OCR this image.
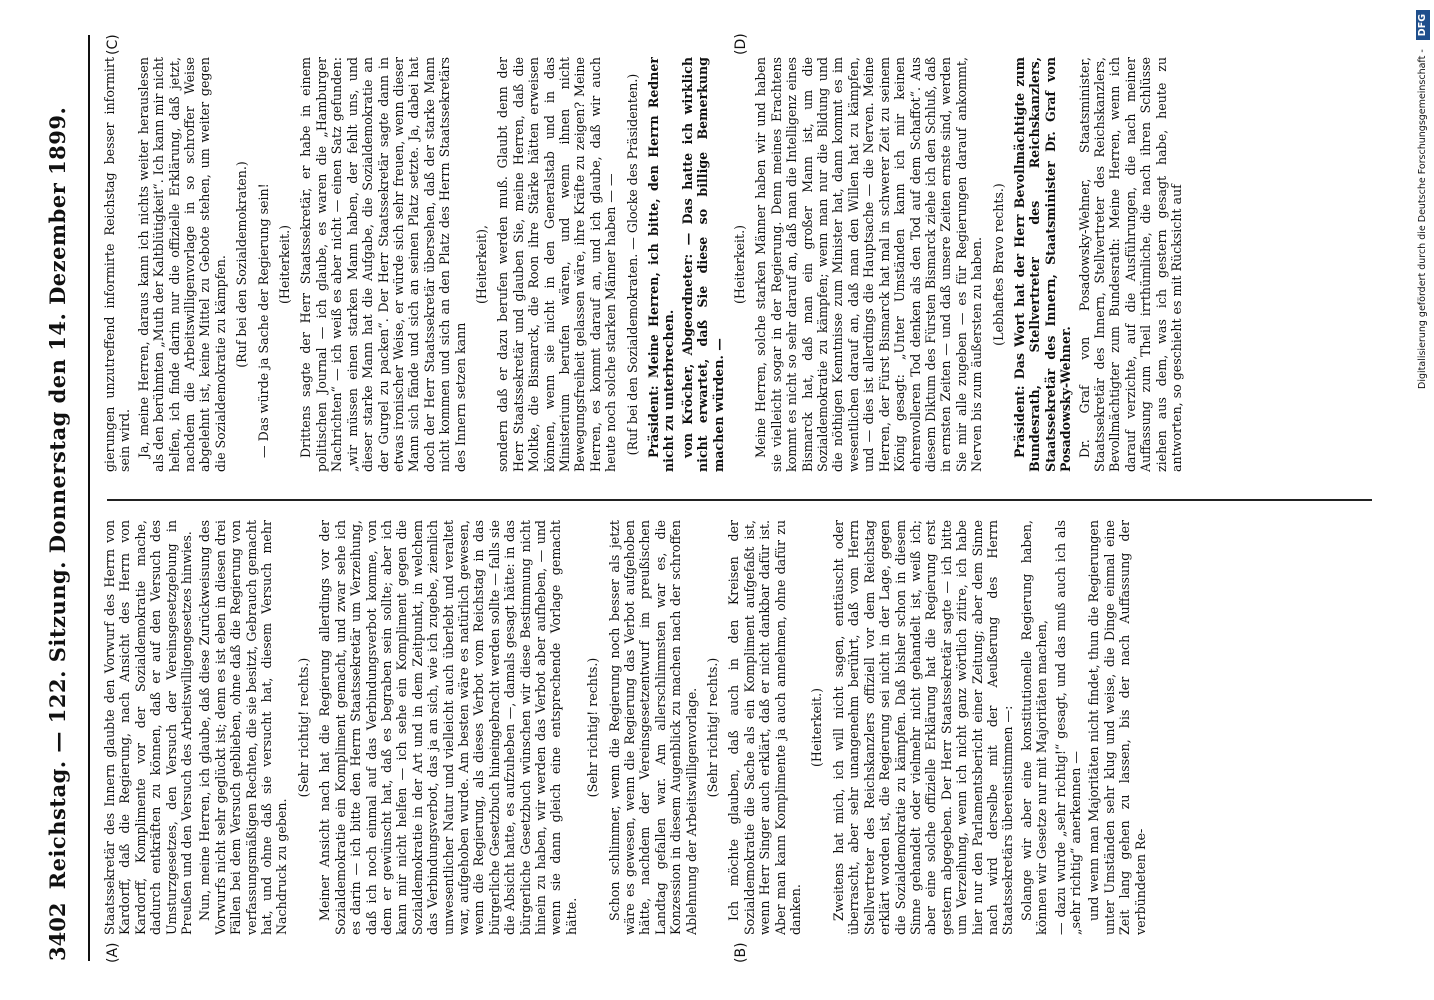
3402
Reichstag. — 122. Sitzung. Donnerstag den 14. Dezember 1899.
(A)	(B)
(C)	(D)

Staatssekretär des Innern glaubte den Vorwurf des Herrn von Kardorff, daß die Regierung, nach Ansicht des Herrn von Kardorff, Komplimente vor der Sozialdemokratie mache, dadurch entkräften zu können, daß er auf den Versuch des Umsturzgesetzes, den Versuch der Vereinsgesetzgebung in Preußen und den Versuch des Arbeitswilligengesetzes hinwies. Nun, meine Herren, ich glaube, daß diese Zurückweisung des Vorwurfs nicht sehr geglückt ist; denn es ist eben in diesen drei Fällen bei dem Versuch geblieben, ohne daß die Regierung von verfassungsmäßigen Rechten, die sie besitzt, Gebrauch gemacht hat, und ohne daß sie versucht hat, diesem Versuch mehr Nachdruck zu geben.

(Sehr richtig! rechts.) Meiner Ansicht nach hat die Regierung allerdings vor der Sozialdemokratie ein Kompliment gemacht, und zwar sehe ich es darin — ich bitte den Herrn Staatssekretär um Verzeihung, daß ich noch einmal auf das Verbindungsverbot komme, von dem er gewünscht hat, daß es begraben sein sollte; aber ich kann mir nicht helfen — ich sehe ein Kompliment gegen die Sozialdemokratie in der Art und in dem Zeitpunkt, in welchem das Verbindungsverbot, das ja an sich, wie ich zugebe, ziemlich unwesentlicher Natur und vielleicht auch überlebt und veraltet war, aufgehoben wurde. Am besten wäre es natürlich gewesen, wenn die Regierung, als dieses Verbot vom Reichstag in das bürgerliche Gesetzbuch hineingebracht werden sollte — falls sie die Absicht hatte, es aufzuheben —, damals gesagt hätte: in das bürgerliche Gesetzbuch wünschen wir diese Bestimmung nicht hinein zu haben, wir werden das Verbot aber aufheben, — und wenn sie dann gleich eine entsprechende Vorlage gemacht hätte.

(Sehr richtig! rechts.) Schon schlimmer, wenn die Regierung noch besser als jetzt wäre es gewesen, wenn die Regierung das Verbot aufgehoben hätte, nachdem der Vereinsgesetzentwurf im preußischen Landtag gefallen war. Am allerschlimmsten war es, die Konzession in diesem Augenblick zu machen nach der schroffen Ablehnung der Arbeitswilligenvorlage. (Sehr richtig! rechts.) Ich möchte glauben, daß auch in den Kreisen der Sozialdemokratie die Sache als ein Kompliment aufgefaßt ist, wenn Herr Singer auch erklärt, daß er nicht dankbar dafür ist. Aber man kann Komplimente ja auch annehmen, ohne dafür zu danken.

(Heiterkeit.) Zweitens hat mich, ich will nicht sagen, enttäuscht oder überrascht, aber sehr unangenehm berührt, daß vom Herrn Stellvertreter des Reichskanzlers offiziell vor dem Reichstag erklärt worden ist, die Regierung sei nicht in der Lage, gegen die Sozialdemokratie zu kämpfen. Daß bisher schon in diesem Sinne gehandelt oder vielmehr nicht gehandelt ist, weiß ich; aber eine solche offizielle Erklärung hat die Regierung erst gestern abgegeben. Der Herr Staatssekretär sagte — ich bitte um Verzeihung, wenn ich nicht ganz wörtlich zitire, ich habe hier nur den Parlamentsbericht einer Zeitung; aber dem Sinne nach wird derselbe mit der Aeußerung des Herrn Staatssekretärs übereinstimmen —: Solange wir aber eine konstitutionelle Regierung haben, können wir Gesetze nur mit Majoritäten machen, — dazu wurde „sehr richtig!“ gesagt, und das muß auch ich als „sehr richtig“ anerkennen — und wenn man Majoritäten nicht findet, thun die Regierungen unter Umständen sehr klug und weise, die Dinge einmal eine Zeit lang gehen zu lassen, bis der nach Auffassung der verbündeten Re-

gierungen unzutreffend informirte Reichstag besser informirt sein wird. Ja, meine Herren, daraus kann ich nichts weiter herauslesen als den berühmten „Muth der Kaltblütigkeit“. Ich kann mir nicht helfen, ich finde darin nur die offizielle Erklärung, daß jetzt, nachdem die Arbeitswilligenvorlage in so schroffer Weise abgelehnt ist, keine Mittel zu Gebote stehen, um weiter gegen die Sozialdemokratie zu kämpfen. (Ruf bei den Sozialdemokraten.) — Das würde ja Sache der Regierung sein! (Heiterkeit.) Drittens sagte der Herr Staatssekretär, er habe in einem politischen Journal — ich glaube, es waren die „Hamburger Nachrichten“ — ich weiß es aber nicht — einen Satz gefunden: „wir müssen einen starken Mann haben, der fehlt uns, und dieser starke Mann hat die Aufgabe, die Sozialdemokratie an der Gurgel zu packen“. Der Herr Staatssekretär sagte dann in etwas ironischer Weise, er würde sich sehr freuen, wenn dieser Mann sich fände und sich an seinen Platz setzte. Ja, dabei hat doch der Herr Staatssekretär übersehen, daß der starke Mann nicht kommen und sich an den Platz des Herrn Staatssekretärs des Innern setzen kann

(Heiterkeit), sondern daß er dazu berufen werden muß. Glaubt denn der Herr Staatssekretär und glauben Sie, meine Herren, daß die Moltke, die Bismarck, die Roon ihre Stärke hätten erweisen können, wenn sie nicht in den Generalstab und in das Ministerium berufen wären, und wenn ihnen nicht Bewegungsfreiheit gelassen wäre, ihre Kräfte zu zeigen? Meine Herren, es kommt darauf an, und ich glaube, daß wir auch heute noch solche starken Männer haben — — (Ruf bei den Sozialdemokraten. — Glocke des Präsidenten.) Präsident: Meine Herren, ich bitte, den Herrn Redner nicht zu unterbrechen. von Kröcher, Abgeordneter: — Das hatte ich wirklich nicht erwartet, daß Sie diese so billige Bemerkung machen würden. —

(Heiterkeit.) Meine Herren, solche starken Männer haben wir und haben sie vielleicht sogar in der Regierung. Denn meines Erachtens kommt es nicht so sehr darauf an, daß man die Intelligenz eines Bismarck hat, daß man ein großer Mann ist, um die Sozialdemokratie zu kämpfen; wenn man nur die Bildung und die nöthigen Kenntnisse zum Minister hat, dann kommt es im wesentlichen darauf an, daß man den Willen hat zu kämpfen, und — dies ist allerdings die Hauptsache — die Nerven. Meine Herren, der Fürst Bismarck hat mal in schwerer Zeit zu seinem König gesagt: „Unter Umständen kann ich mir keinen ehrenvolleren Tod denken als den Tod auf dem Schaffot“. Aus diesem Diktum des Fürsten Bismarck ziehe ich den Schluß, daß in ernsten Zeiten — und daß unsere Zeiten ernste sind, werden Sie mir alle zugeben — es für Regierungen darauf ankommt, Nerven bis zum äußersten zu haben. (Lebhaftes Bravo rechts.) Präsident: Das Wort hat der Herr Bevollmächtigte zum Bundesrath, Stellvertreter des Reichskanzlers, Staatssekretär des Innern, Staatsminister Dr. Graf von Posadowsky-Wehner. Dr. Graf von Posadowsky-Wehner, Staatsminister, Staatssekretär des Innern, Stellvertreter des Reichskanzlers, Bevollmächtigter zum Bundesrath: Meine Herren, wenn ich darauf verzichte, auf die Ausführungen, die nach meiner Auffassung zum Theil irrthümliche, die nach ihren Schlüsse ziehen aus dem, was ich gestern gesagt habe, heute zu antworten, so geschieht es mit Rücksicht auf	Digitalisierung gefördert durch die Deutsche Forschungsgemeinschaft - DFG
